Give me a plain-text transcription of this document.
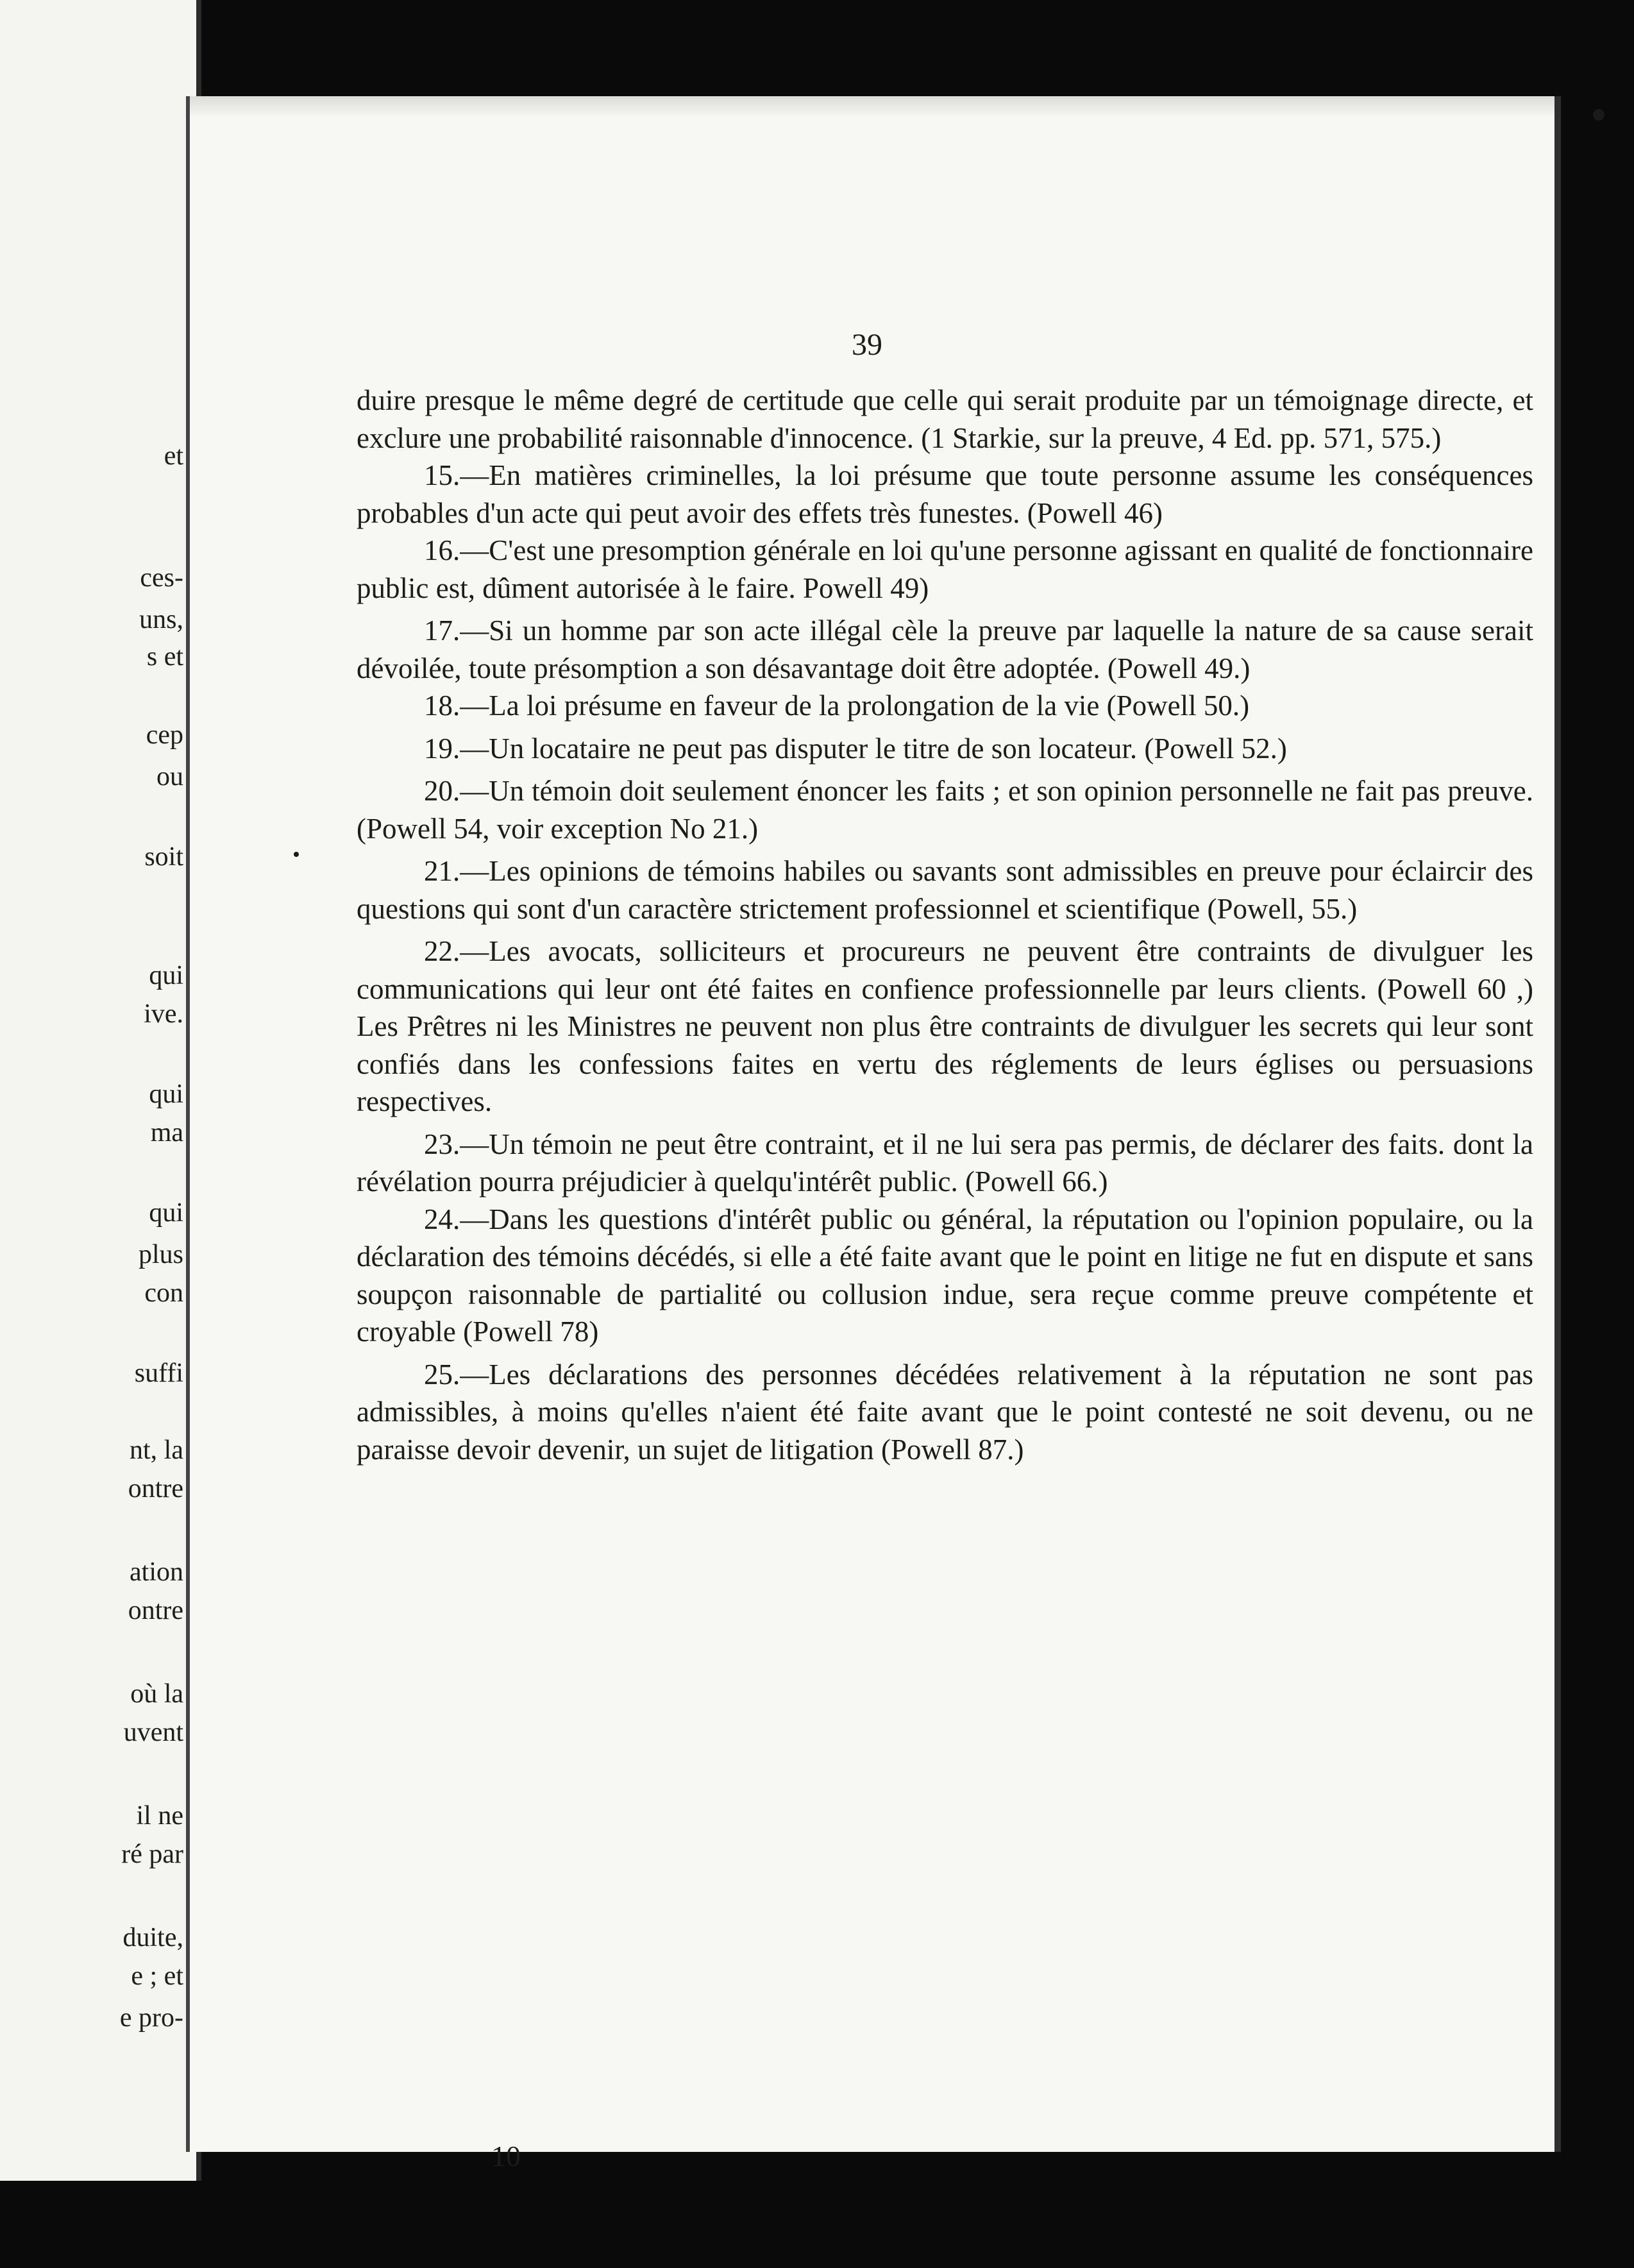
et
ces-
uns,
s et
cep
ou
soit
qui
ive.
qui
ma
qui
plus
con
suffi
nt, la
ontre
ation
ontre
où la
uvent
il ne
ré par
duite,
e ; et
e pro-
39

duire presque le même degré de certitude que celle qui serait produite par un témoignage directe, et exclure une probabilité raisonnable d'innocence. (1 Starkie, sur la preuve, 4 Ed. pp. 571, 575.)

15.—En matières criminelles, la loi présume que toute personne assume les conséquences probables d'un acte qui peut avoir des effets très funestes. (Powell 46)

16.—C'est une presomption générale en loi qu'une personne agissant en qualité de fonctionnaire public est, dûment autorisée à le faire. Powell 49)

17.—Si un homme par son acte illégal cèle la preuve par laquelle la nature de sa cause serait dévoilée, toute présomption a son désavantage doit être adoptée. (Powell 49.)

18.—La loi présume en faveur de la prolongation de la vie (Powell 50.)

19.—Un locataire ne peut pas disputer le titre de son locateur. (Powell 52.)

20.—Un témoin doit seulement énoncer les faits ; et son opinion personnelle ne fait pas preuve.(Powell 54, voir exception No 21.)

21.—Les opinions de témoins habiles ou savants sont admissibles en preuve pour éclaircir des questions qui sont d'un caractère strictement professionnel et scientifique (Powell, 55.)

22.—Les avocats, solliciteurs et procureurs ne peuvent être contraints de divulguer les communications qui leur ont été faites en confience professionnelle par leurs clients. (Powell 60 ,) Les Prêtres ni les Ministres ne peuvent non plus être contraints de divulguer les secrets qui leur sont confiés dans les confessions faites en vertu des réglements de leurs églises ou persuasions respectives.

23.—Un témoin ne peut être contraint, et il ne lui sera pas permis, de déclarer des faits. dont la révélation pourra préjudicier à quelqu'intérêt public. (Powell 66.)

24.—Dans les questions d'intérêt public ou général, la réputation ou l'opinion populaire, ou la déclaration des témoins décédés, si elle a été faite avant que le point en litige ne fut en dispute et sans soupçon raisonnable de partialité ou collusion indue, sera reçue comme preuve compétente et croyable (Powell 78)

25.—Les déclarations des personnes décédées relativement à la réputation ne sont pas admissibles, à moins qu'elles n'aient été faite avant que le point contesté ne soit devenu, ou ne paraisse devoir devenir, un sujet de litigation (Powell 87.)

10
